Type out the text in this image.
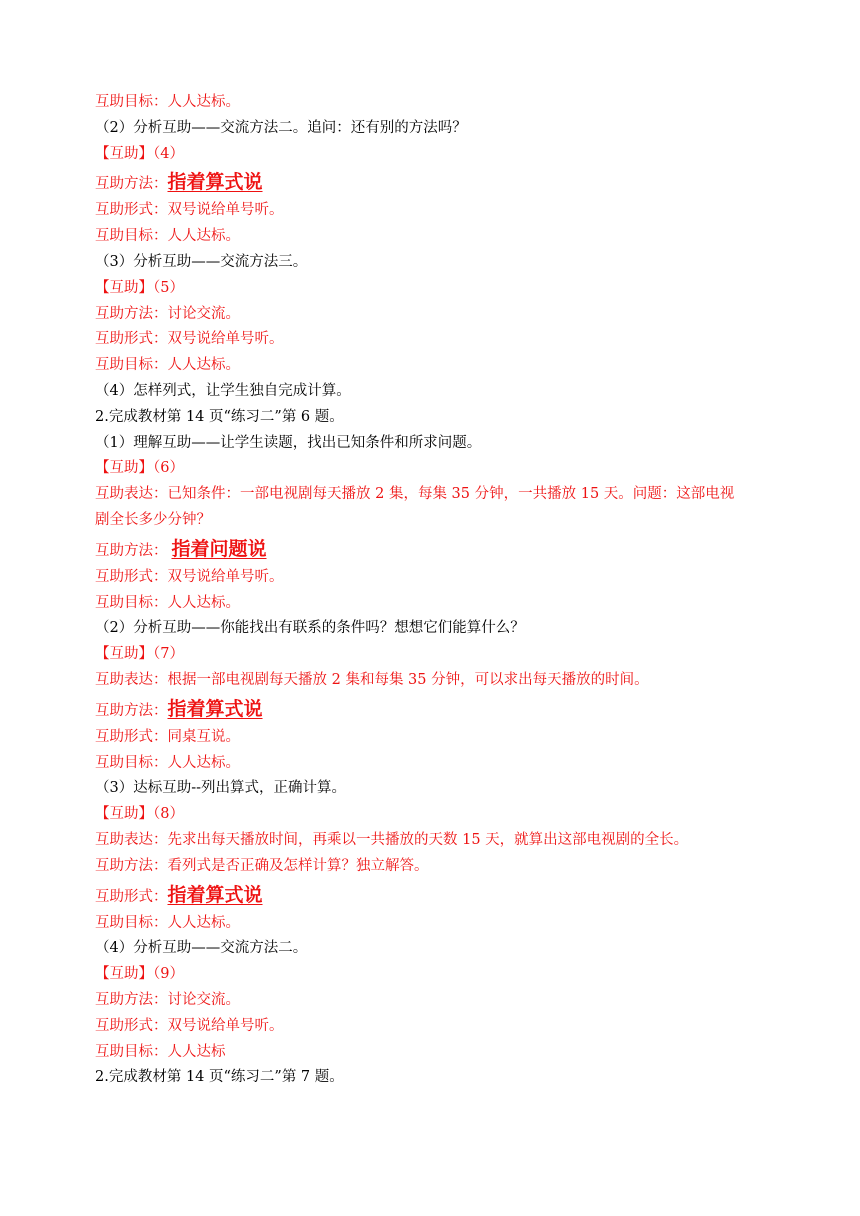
互助目标：人人达标。
（2）分析互助——交流方法二。追问：还有别的方法吗？
【互助】（4）
互助方法：指着算式说
互助形式：双号说给单号听。
互助目标：人人达标。
（3）分析互助——交流方法三。
【互助】（5）
互助方法：讨论交流。
互助形式：双号说给单号听。
互助目标：人人达标。
（4）怎样列式，让学生独自完成计算。
2.完成教材第 14 页“练习二”第 6 题。
（1）理解互助——让学生读题，找出已知条件和所求问题。
【互助】（6）
互助表达：已知条件：一部电视剧每天播放 2 集，每集 35 分钟，一共播放 15 天。问题：这部电视剧全长多少分钟？
互助方法： 指着问题说
互助形式：双号说给单号听。
互助目标：人人达标。
（2）分析互助——你能找出有联系的条件吗？想想它们能算什么？
【互助】（7）
互助表达：根据一部电视剧每天播放 2 集和每集 35 分钟，可以求出每天播放的时间。
互助方法：指着算式说
互助形式：同桌互说。
互助目标：人人达标。
（3）达标互助--列出算式，正确计算。
【互助】（8）
互助表达：先求出每天播放时间，再乘以一共播放的天数 15 天，就算出这部电视剧的全长。
互助方法：看列式是否正确及怎样计算？独立解答。
互助形式：指着算式说
互助目标：人人达标。
（4）分析互助——交流方法二。
【互助】（9）
互助方法：讨论交流。
互助形式：双号说给单号听。
互助目标：人人达标
2.完成教材第 14 页“练习二”第 7 题。
